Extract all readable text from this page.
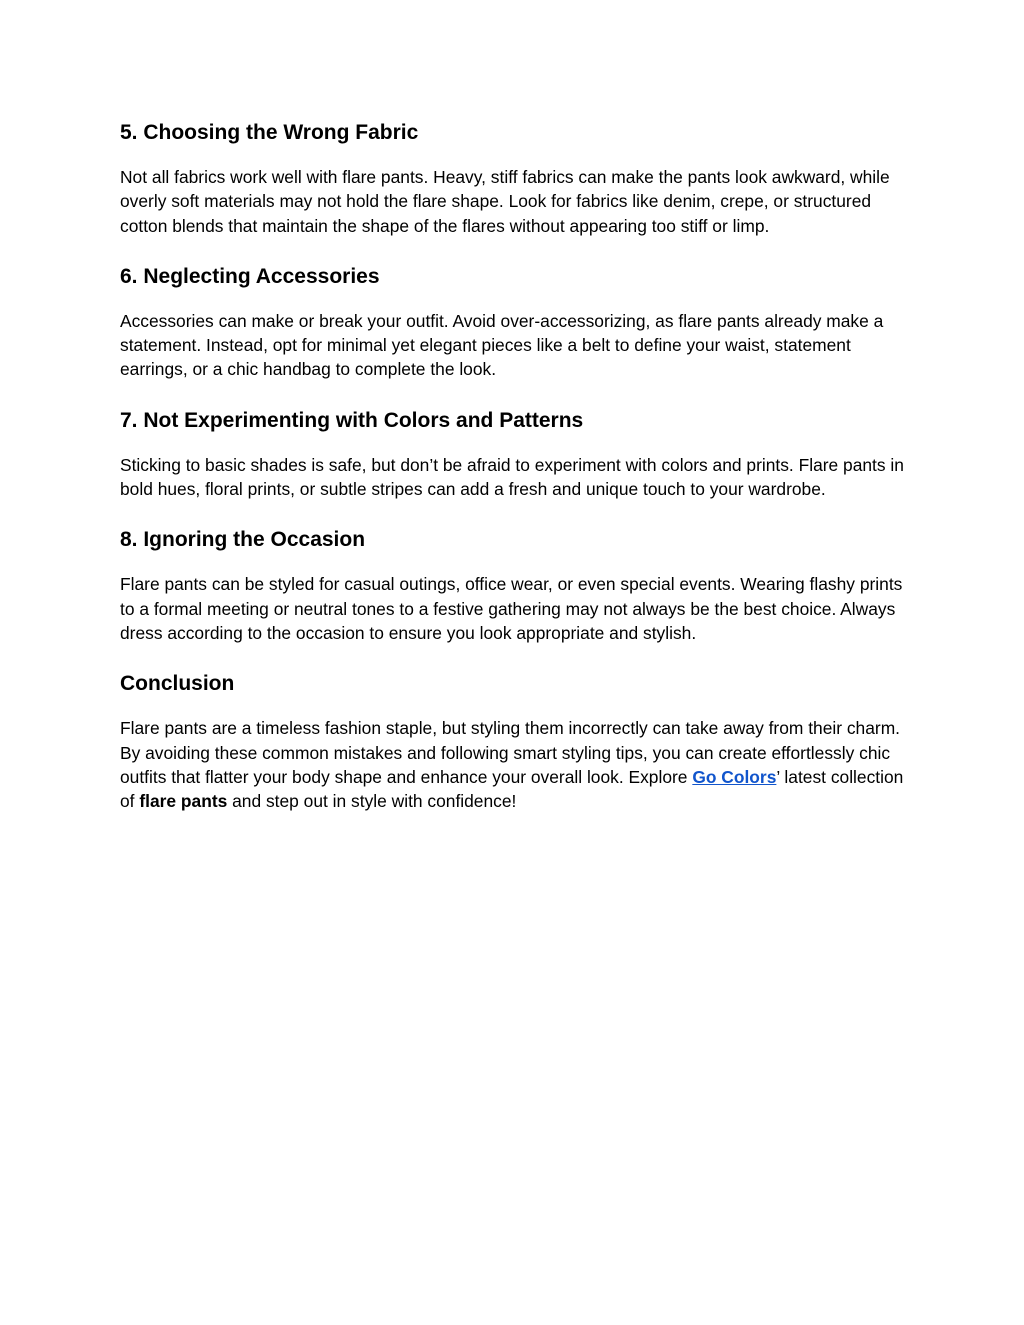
5. Choosing the Wrong Fabric

Not all fabrics work well with flare pants. Heavy, stiff fabrics can make the pants look awkward, while overly soft materials may not hold the flare shape. Look for fabrics like denim, crepe, or structured cotton blends that maintain the shape of the flares without appearing too stiff or limp.

6. Neglecting Accessories

Accessories can make or break your outfit. Avoid over-accessorizing, as flare pants already make a statement. Instead, opt for minimal yet elegant pieces like a belt to define your waist, statement earrings, or a chic handbag to complete the look.

7. Not Experimenting with Colors and Patterns

Sticking to basic shades is safe, but don’t be afraid to experiment with colors and prints. Flare pants in bold hues, floral prints, or subtle stripes can add a fresh and unique touch to your wardrobe.

8. Ignoring the Occasion

Flare pants can be styled for casual outings, office wear, or even special events. Wearing flashy prints to a formal meeting or neutral tones to a festive gathering may not always be the best choice. Always dress according to the occasion to ensure you look appropriate and stylish.

Conclusion

Flare pants are a timeless fashion staple, but styling them incorrectly can take away from their charm. By avoiding these common mistakes and following smart styling tips, you can create effortlessly chic outfits that flatter your body shape and enhance your overall look. Explore Go Colors’ latest collection of flare pants and step out in style with confidence!
